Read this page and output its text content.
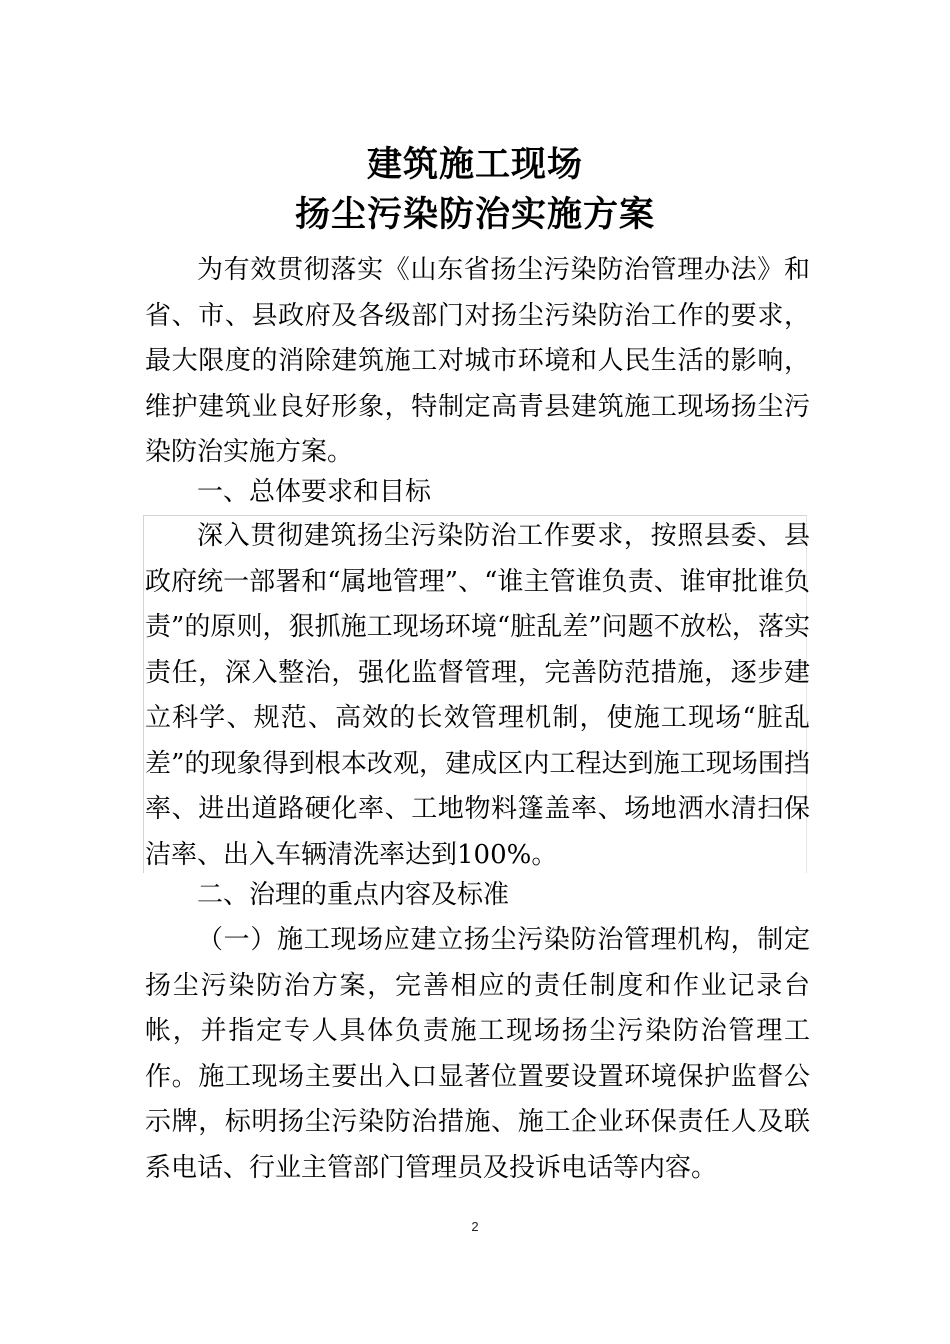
建筑施工现场
扬尘污染防治实施方案
为有效贯彻落实《山东省扬尘污染防治管理办法》和省、市、县政府及各级部门对扬尘污染防治工作的要求，最大限度的消除建筑施工对城市环境和人民生活的影响，维护建筑业良好形象，特制定高青县建筑施工现场扬尘污染防治实施方案。
一、总体要求和目标
深入贯彻建筑扬尘污染防治工作要求，按照县委、县政府统一部署和“属地管理”、“谁主管谁负责、谁审批谁负责”的原则，狠抓施工现场环境“脏乱差”问题不放松，落实责任，深入整治，强化监督管理，完善防范措施，逐步建立科学、规范、高效的长效管理机制，使施工现场“脏乱差”的现象得到根本改观，建成区内工程达到施工现场围挡率、进出道路硬化率、工地物料篷盖率、场地洒水清扫保洁率、出入车辆清洗率达到100%。
二、治理的重点内容及标准
（一）施工现场应建立扬尘污染防治管理机构，制定扬尘污染防治方案，完善相应的责任制度和作业记录台帐，并指定专人具体负责施工现场扬尘污染防治管理工作。施工现场主要出入口显著位置要设置环境保护监督公示牌，标明扬尘污染防治措施、施工企业环保责任人及联系电话、行业主管部门管理员及投诉电话等内容。
2
